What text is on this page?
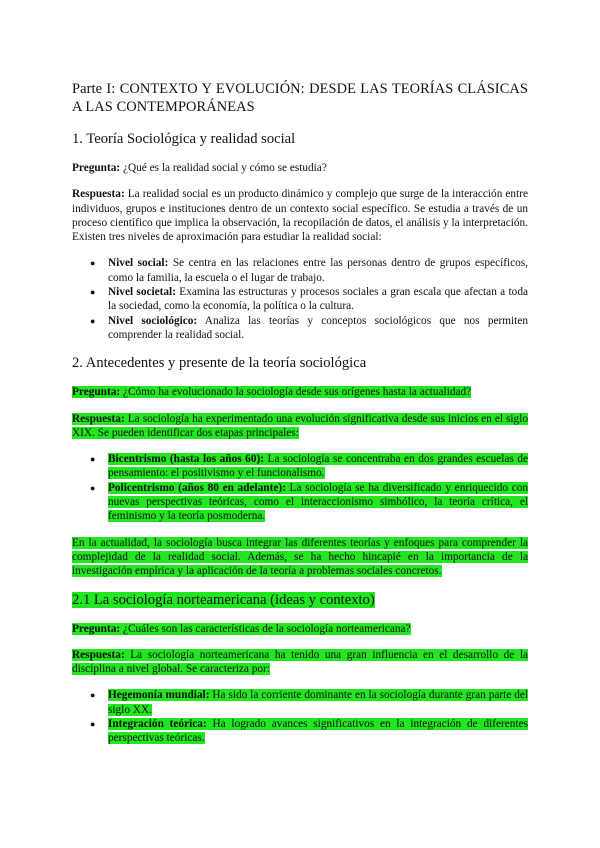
Parte I: CONTEXTO Y EVOLUCIÓN: DESDE LAS TEORÍAS CLÁSICAS A LAS CONTEMPORÁNEAS
1. Teoría Sociológica y realidad social

Pregunta: ¿Qué es la realidad social y cómo se estudia?

Respuesta: La realidad social es un producto dinámico y complejo que surge de la interacción entre individuos, grupos e instituciones dentro de un contexto social específico. Se estudia a través de un proceso científico que implica la observación, la recopilación de datos, el análisis y la interpretación. Existen tres niveles de aproximación para estudiar la realidad social:

● Nivel social: Se centra en las relaciones entre las personas dentro de grupos específicos, como la familia, la escuela o el lugar de trabajo.
● Nivel societal: Examina las estructuras y procesos sociales a gran escala que afectan a toda la sociedad, como la economía, la política o la cultura.
● Nivel sociológico: Analiza las teorías y conceptos sociológicos que nos permiten comprender la realidad social.
2. Antecedentes y presente de la teoría sociológica

Pregunta: ¿Cómo ha evolucionado la sociología desde sus orígenes hasta la actualidad?

Respuesta: La sociología ha experimentado una evolución significativa desde sus inicios en el siglo XIX. Se pueden identificar dos etapas principales:

● Bicentrismo (hasta los años 60): La sociología se concentraba en dos grandes escuelas de pensamiento: el positivismo y el funcionalismo.
● Policentrismo (años 80 en adelante): La sociología se ha diversificado y enriquecido con nuevas perspectivas teóricas, como el interaccionismo simbólico, la teoría crítica, el feminismo y la teoría posmoderna.

En la actualidad, la sociología busca integrar las diferentes teorías y enfoques para comprender la complejidad de la realidad social. Además, se ha hecho hincapié en la importancia de la investigación empírica y la aplicación de la teoría a problemas sociales concretos.

2.1 La sociología norteamericana (ideas y contexto)

Pregunta: ¿Cuáles son las características de la sociología norteamericana?

Respuesta: La sociología norteamericana ha tenido una gran influencia en el desarrollo de la disciplina a nivel global. Se caracteriza por:

● Hegemonía mundial: Ha sido la corriente dominante en la sociología durante gran parte del siglo XX.
● Integración teórica: Ha logrado avances significativos en la integración de diferentes perspectivas teóricas.
